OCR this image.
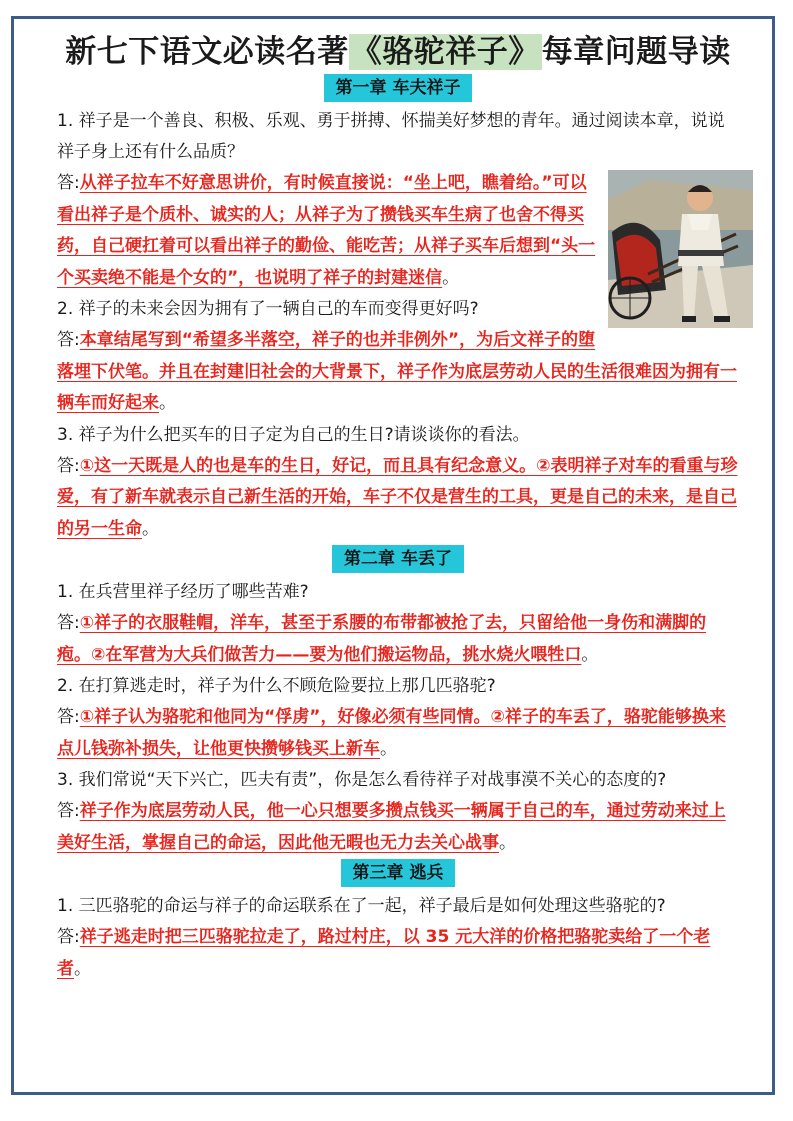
新七下语文必读名著《骆驼祥子》每章问题导读
第一章 车夫祥子

1. 祥子是一个善良、积极、乐观、勇于拼搏、怀揣美好梦想的青年。通过阅读本章，说说祥子身上还有什么品质？

答:从祥子拉车不好意思讲价，有时候直接说：“坐上吧，瞧着给。”可以看出祥子是个质朴、诚实的人；从祥子为了攒钱买车生病了也舍不得买药，自己硬扛着可以看出祥子的勤俭、能吃苦；从祥子买车后想到“头一个买卖绝不能是个女的”，也说明了祥子的封建迷信。

2. 祥子的未来会因为拥有了一辆自己的车而变得更好吗?

答:本章结尾写到“希望多半落空，祥子的也并非例外”，为后文祥子的堕落埋下伏笔。并且在封建旧社会的大背景下，祥子作为底层劳动人民的生活很难因为拥有一辆车而好起来。

3. 祥子为什么把买车的日子定为自己的生日?请谈谈你的看法。

答:①这一天既是人的也是车的生日，好记，而且具有纪念意义。②表明祥子对车的看重与珍爱，有了新车就表示自己新生活的开始，车子不仅是营生的工具，更是自己的未来，是自己的另一生命。

第二章 车丢了

1. 在兵营里祥子经历了哪些苦难?

答:①祥子的衣服鞋帽，洋车，甚至于系腰的布带都被抢了去，只留给他一身伤和满脚的疱。②在军营为大兵们做苦力——要为他们搬运物品，挑水烧火喂牲口。

2. 在打算逃走时，祥子为什么不顾危险要拉上那几匹骆驼?

答:①祥子认为骆驼和他同为“俘虏”，好像必须有些同情。②祥子的车丢了，骆驼能够换来点儿钱弥补损失，让他更快攒够钱买上新车。

3. 我们常说“天下兴亡，匹夫有责”，你是怎么看待祥子对战事漠不关心的态度的?

答:祥子作为底层劳动人民，他一心只想要多攒点钱买一辆属于自己的车，通过劳动来过上美好生活，掌握自己的命运，因此他无暇也无力去关心战事。

第三章 逃兵

1. 三匹骆驼的命运与祥子的命运联系在了一起，祥子最后是如何处理这些骆驼的?

答:祥子逃走时把三匹骆驼拉走了，路过村庄，以 35 元大洋的价格把骆驼卖给了一个老者。
